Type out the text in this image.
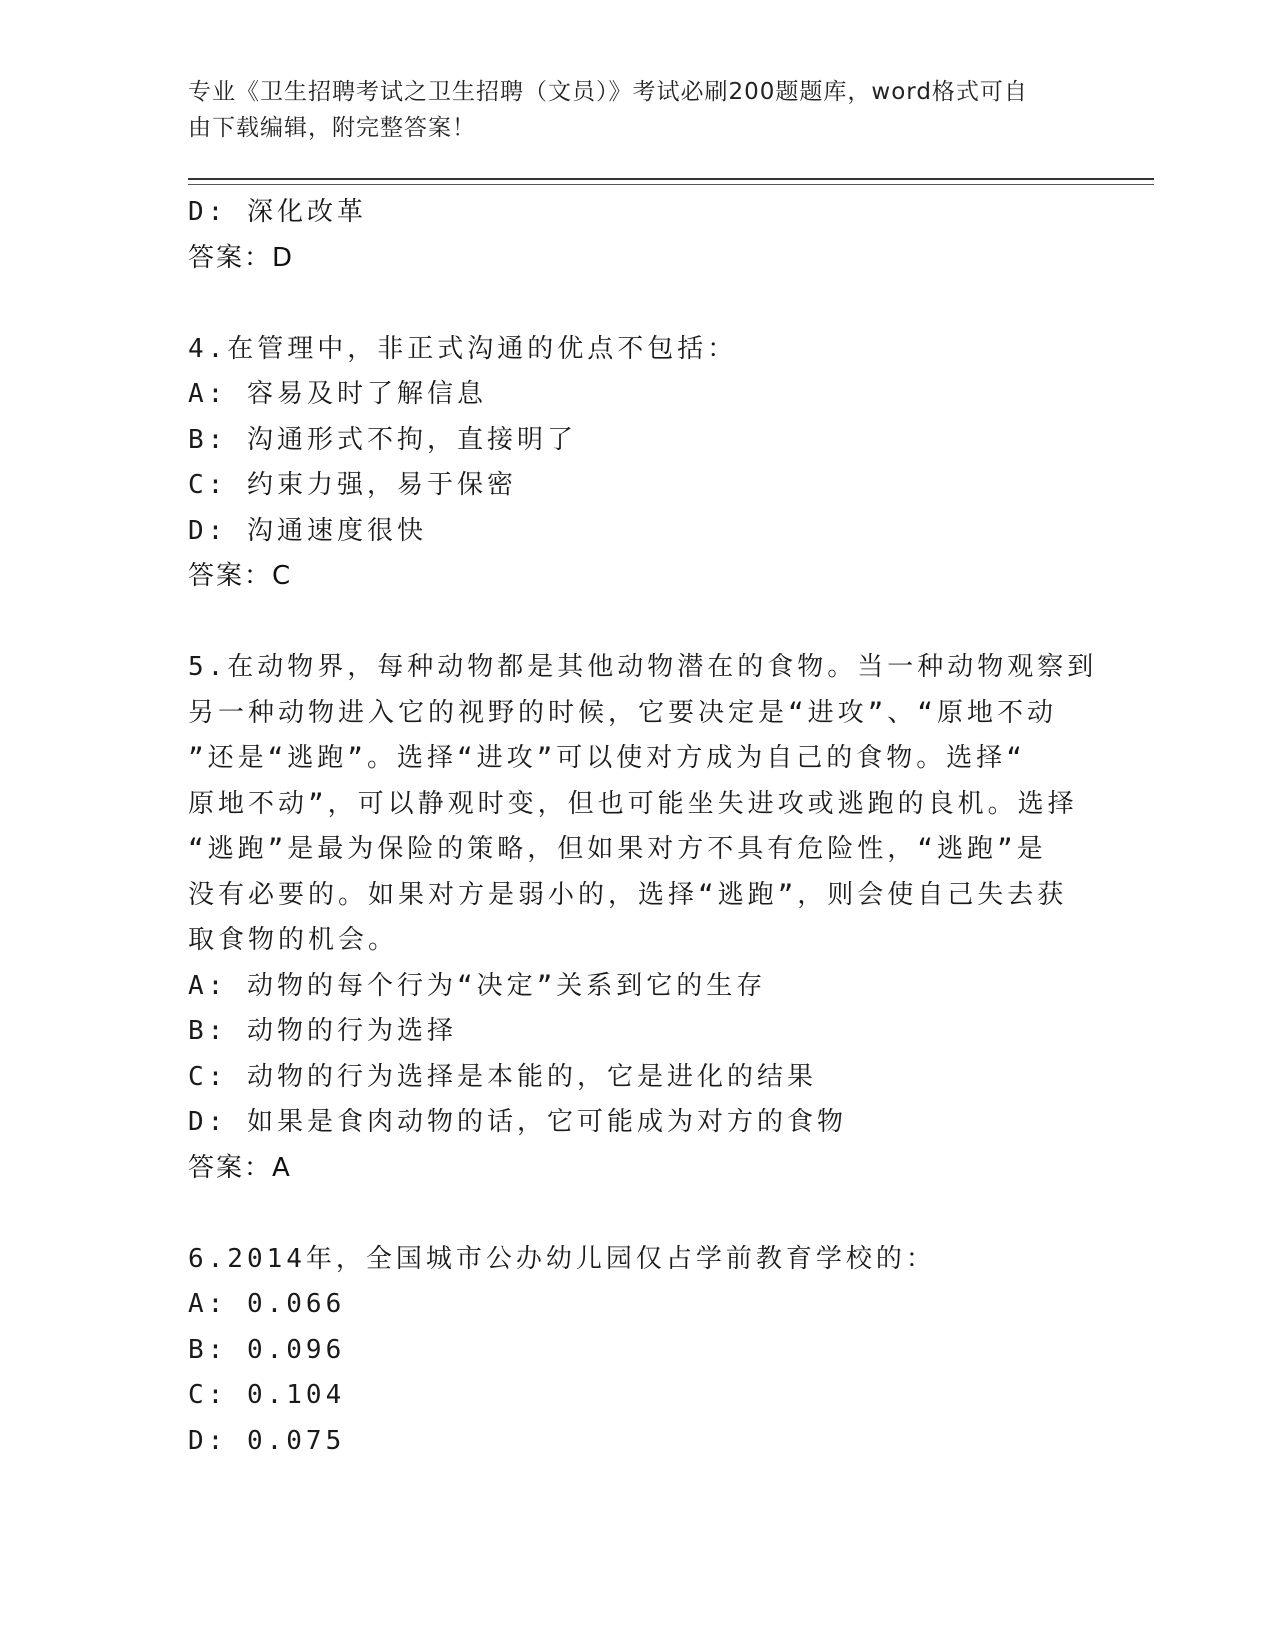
专业《卫生招聘考试之卫生招聘（文员）》考试必刷200题题库，word格式可自
由下载编辑，附完整答案！
D: 深化改革
答案：D
4.在管理中，非正式沟通的优点不包括：
A: 容易及时了解信息
B: 沟通形式不拘，直接明了
C: 约束力强，易于保密
D: 沟通速度很快
答案：C
5.在动物界，每种动物都是其他动物潜在的食物。当一种动物观察到
另一种动物进入它的视野的时候，它要决定是“进攻”、“原地不动
”还是“逃跑”。选择“进攻”可以使对方成为自己的食物。选择“
原地不动”，可以静观时变，但也可能坐失进攻或逃跑的良机。选择
“逃跑”是最为保险的策略，但如果对方不具有危险性，“逃跑”是
没有必要的。如果对方是弱小的，选择“逃跑”，则会使自己失去获
取食物的机会。
A: 动物的每个行为“决定”关系到它的生存
B: 动物的行为选择
C: 动物的行为选择是本能的，它是进化的结果
D: 如果是食肉动物的话，它可能成为对方的食物
答案：A
6.2014年，全国城市公办幼儿园仅占学前教育学校的：
A: 0.066
B: 0.096
C: 0.104
D: 0.075
